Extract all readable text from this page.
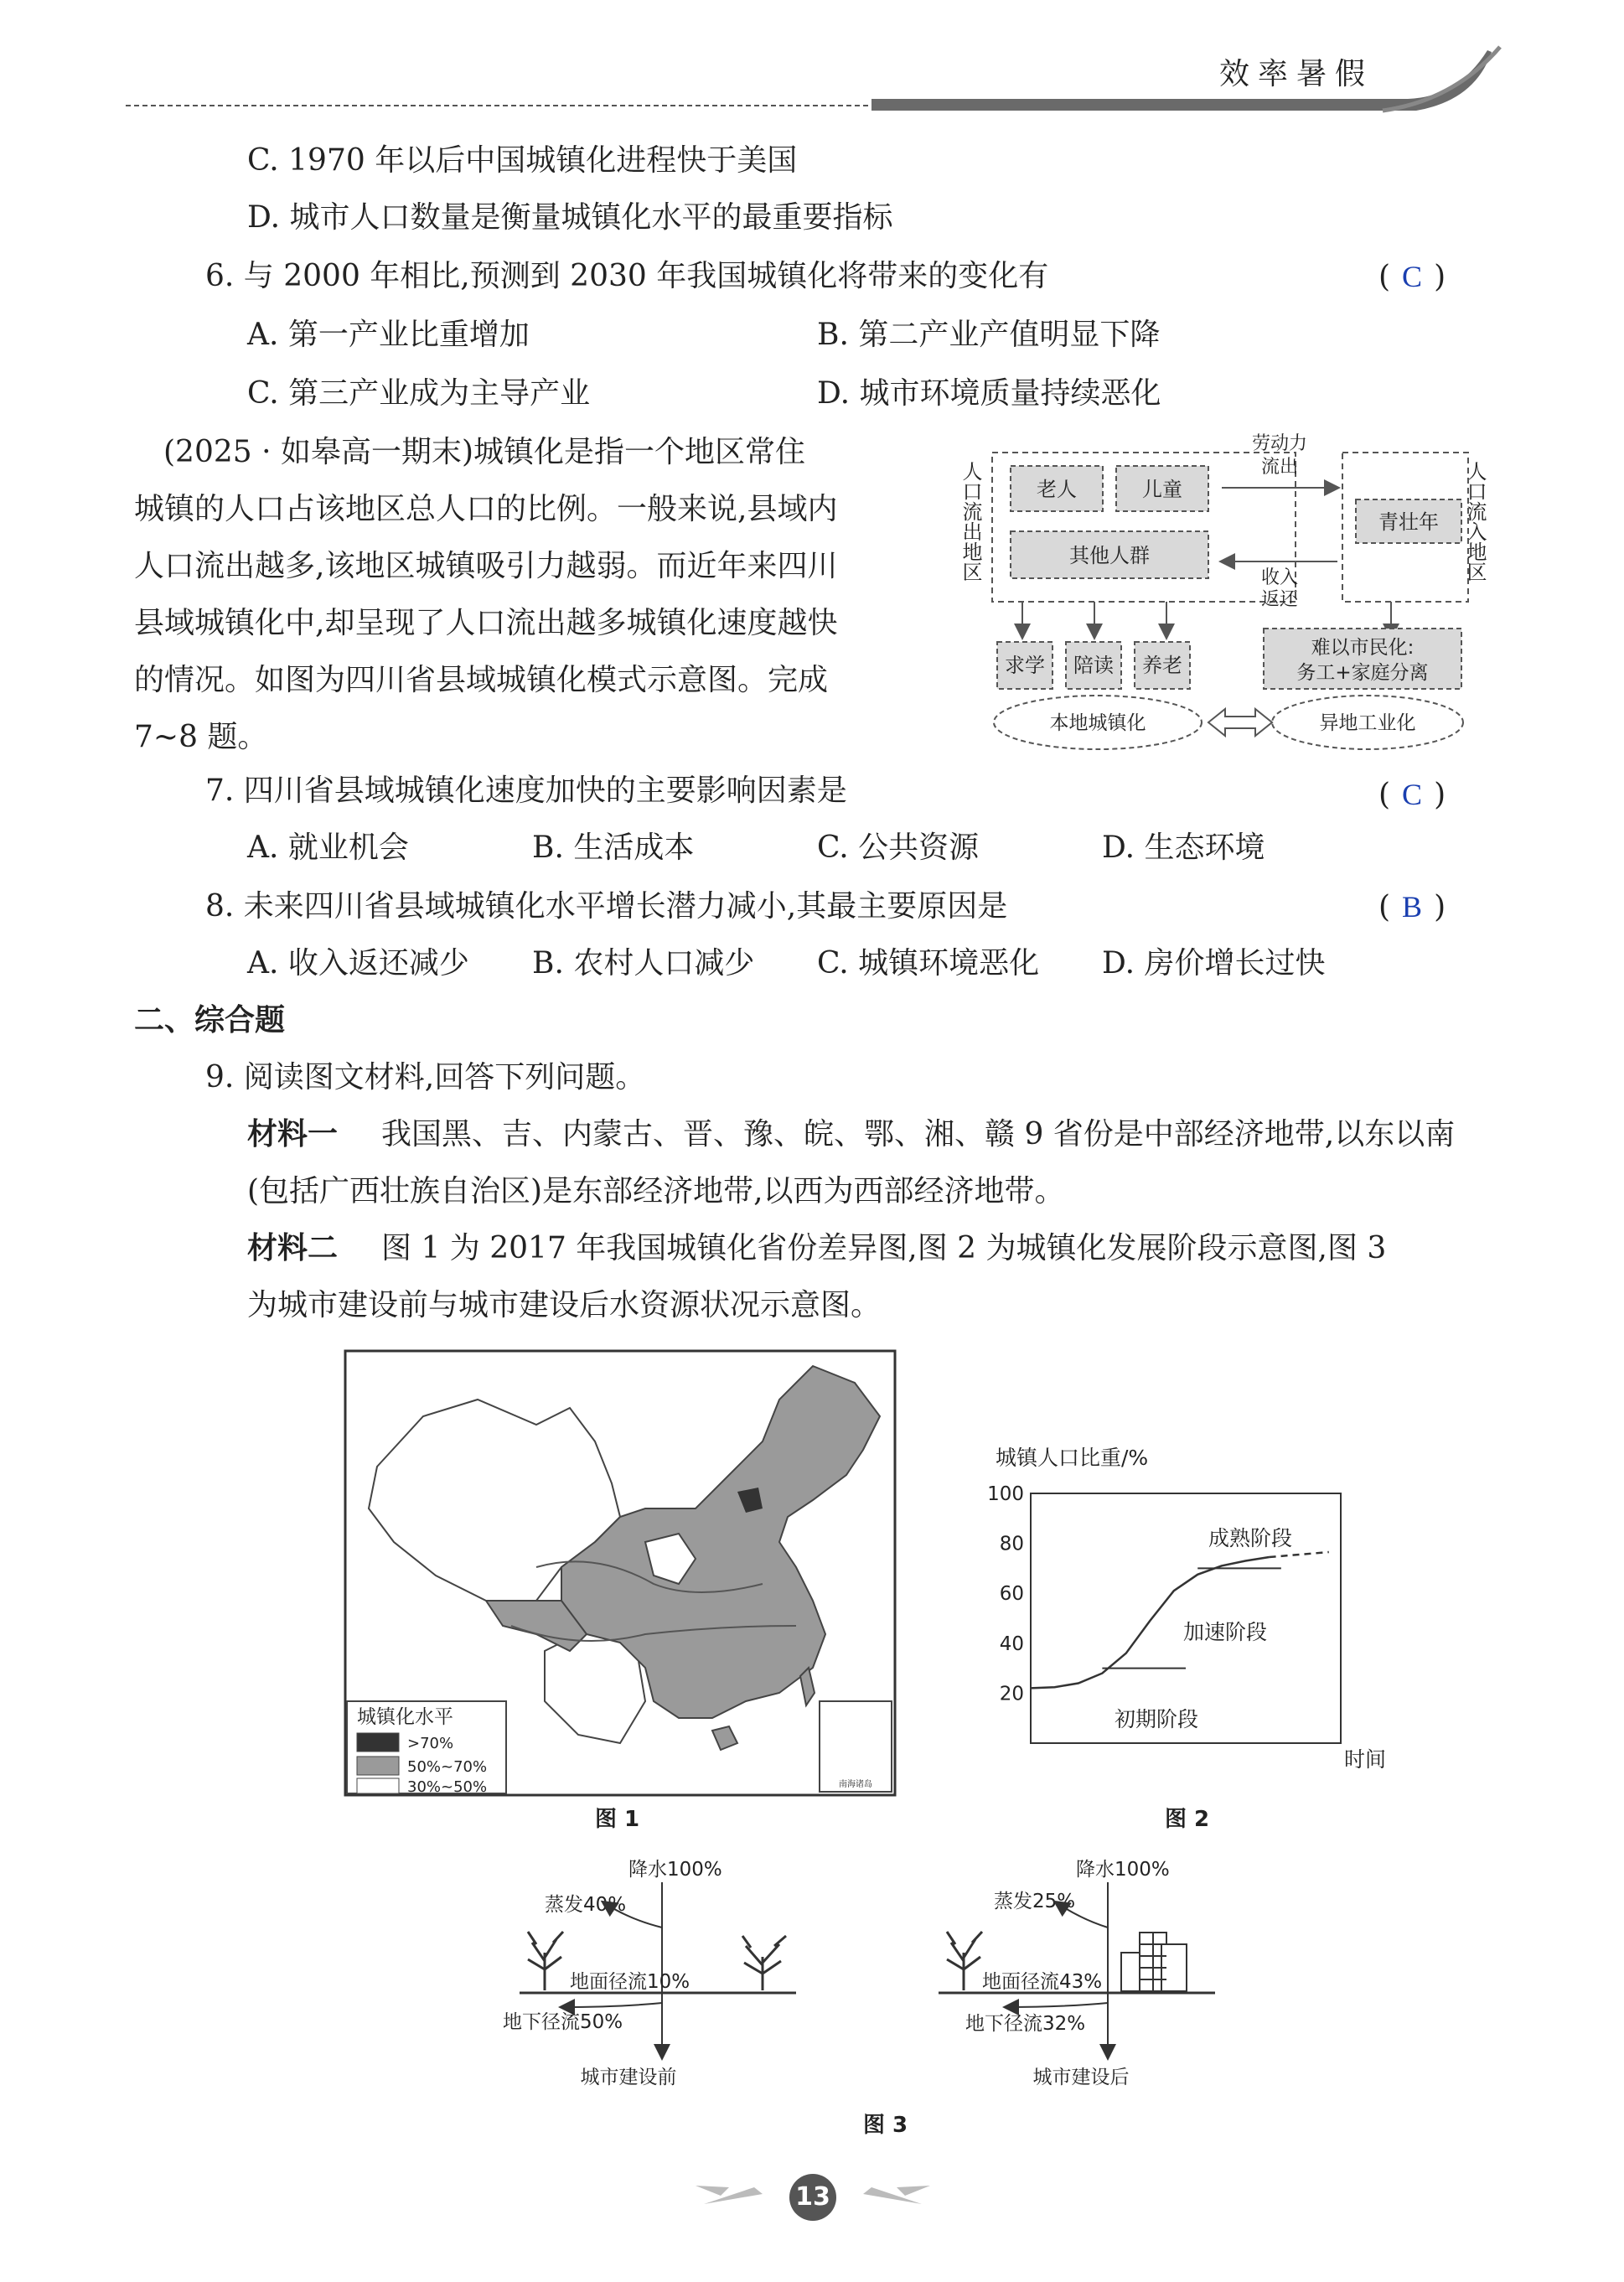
效率暑假
C. 1970 年以后中国城镇化进程快于美国
D. 城市人口数量是衡量城镇化水平的最重要指标
6. 与 2000 年相比,预测到 2030 年我国城镇化将带来的变化有	( C )
A. 第一产业比重增加	B. 第二产业产值明显下降
C. 第三产业成为主导产业	D. 城市环境质量持续恶化
(2025 · 如皋高一期末)城镇化是指一个地区常住
城镇的人口占该地区总人口的比例。一般来说,县域内
人口流出越多,该地区城镇吸引力越弱。而近年来四川
县域城镇化中,却呈现了人口流出越多城镇化速度越快
的情况。如图为四川省县域城镇化模式示意图。完成
7~8 题。
人口流出地区	人口流入地区
老人	儿童
其他人群
青壮年
劳动力
流出
收入
返还
求学 陪读 养老
难以市民化:
务工+家庭分离
本地城镇化	异地工业化
7. 四川省县域城镇化速度加快的主要影响因素是	( C )
A. 就业机会	B. 生活成本	C. 公共资源	D. 生态环境
8. 未来四川省县域城镇化水平增长潜力减小,其最主要原因是	( B )
A. 收入返还减少 B. 农村人口减少 C. 城镇环境恶化 D. 房价增长过快
二、综合题
9. 阅读图文材料,回答下列问题。
材料一 我国黑、吉、内蒙古、晋、豫、皖、鄂、湘、赣 9 省份是中部经济地带,以东以南
(包括广西壮族自治区)是东部经济地带,以西为西部经济地带。
材料二 图 1 为 2017 年我国城镇化省份差异图,图 2 为城镇化发展阶段示意图,图 3
为城市建设前与城市建设后水资源状况示意图。
南海诸岛
城镇化水平
>70%
50%~70%
30%~50%
图 1
城镇人口比重/%
20
40
60
80
100
初期阶段
加速阶段
成熟阶段
时间
图 2
降水100%
蒸发40%
地面径流10%
地下径流50%
城市建设前
降水100%
蒸发25%
地面径流43%
地下径流32%
城市建设后
图 3
13
